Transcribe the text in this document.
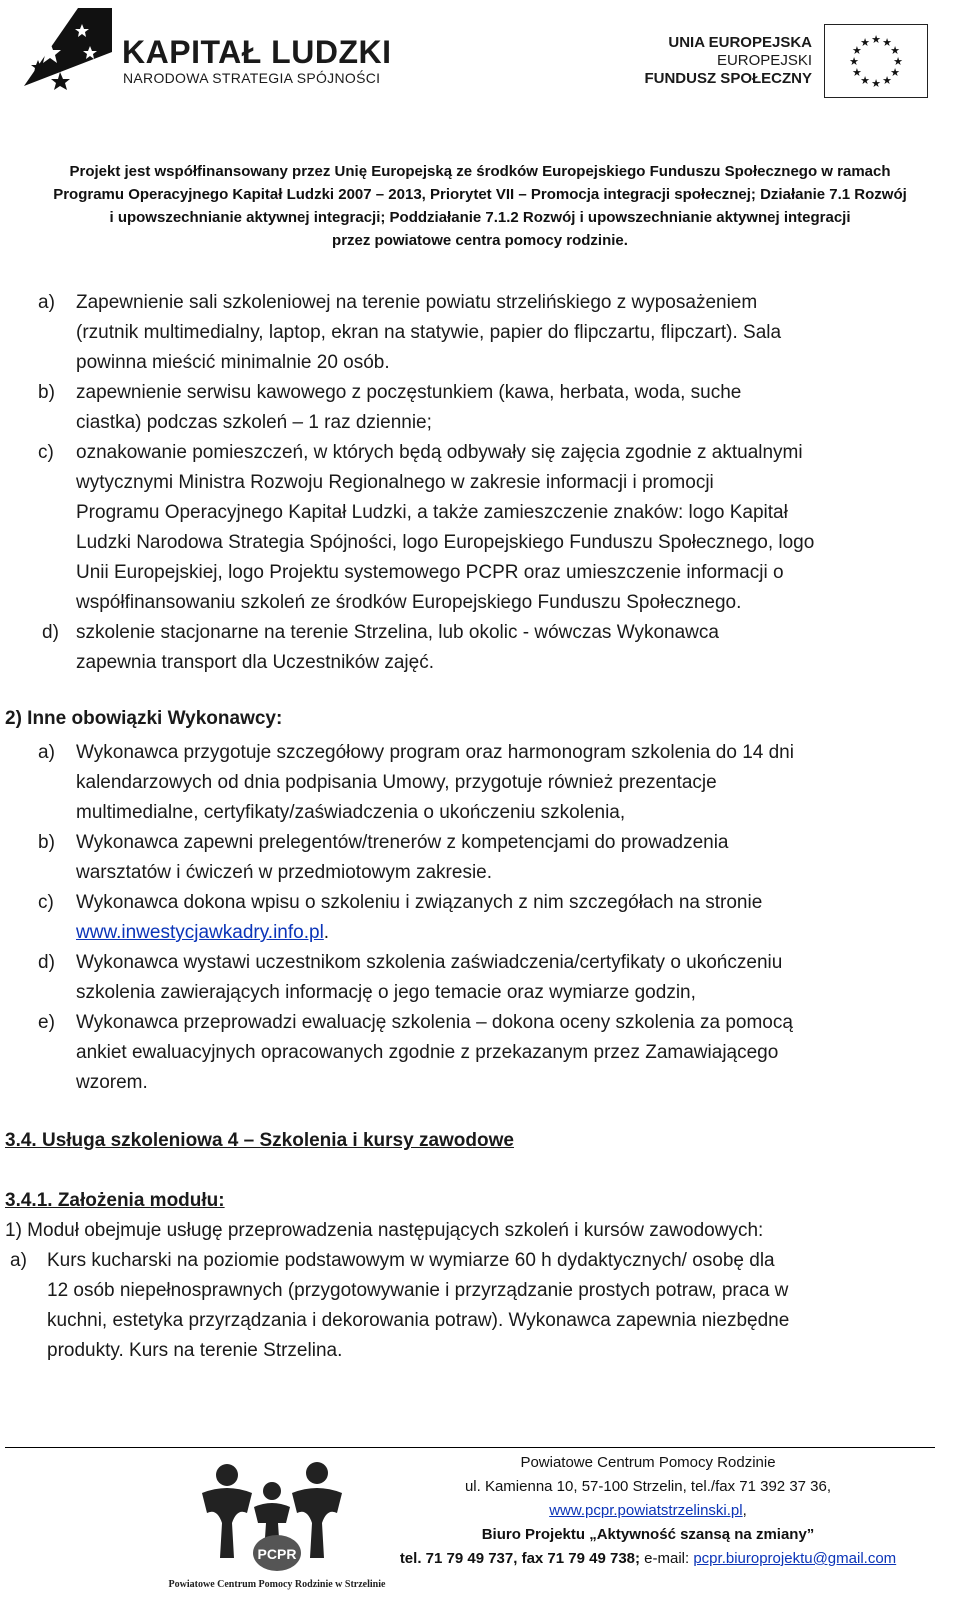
KAPITAŁ LUDZKI
NARODOWA STRATEGIA SPÓJNOŚCI
UNIA EUROPEJSKA
EUROPEJSKI
FUNDUSZ SPOŁECZNY
★ ★
★
★
★
★
★
★
★
★
★
★
Projekt jest współfinansowany przez Unię Europejską ze środków Europejskiego Funduszu Społecznego w ramach
Programu Operacyjnego Kapitał Ludzki 2007 – 2013, Priorytet VII – Promocja integracji społecznej; Działanie 7.1 Rozwój
i upowszechnianie aktywnej integracji; Poddziałanie 7.1.2 Rozwój i upowszechnianie aktywnej integracji
przez powiatowe centra pomocy rodzinie.
a) Zapewnienie sali szkoleniowej na terenie powiatu strzelińskiego z wyposażeniem
(rzutnik multimedialny, laptop, ekran na statywie, papier do flipczartu, flipczart). Sala
powinna mieścić minimalnie 20 osób.
b) zapewnienie serwisu kawowego z poczęstunkiem (kawa, herbata, woda, suche
ciastka) podczas szkoleń – 1 raz dziennie;
c) oznakowanie pomieszczeń, w których będą odbywały się zajęcia zgodnie z aktualnymi
wytycznymi Ministra Rozwoju Regionalnego w zakresie informacji i promocji
Programu Operacyjnego Kapitał Ludzki, a także zamieszczenie znaków: logo Kapitał
Ludzki Narodowa Strategia Spójności, logo Europejskiego Funduszu Społecznego, logo
Unii Europejskiej, logo Projektu systemowego PCPR oraz umieszczenie informacji o
współfinansowaniu szkoleń ze środków Europejskiego Funduszu Społecznego.
d) szkolenie stacjonarne na terenie Strzelina, lub okolic - wówczas Wykonawca
zapewnia transport dla Uczestników zajęć.
2) Inne obowiązki Wykonawcy:
a) Wykonawca przygotuje szczegółowy program oraz harmonogram szkolenia do 14 dni
kalendarzowych od dnia podpisania Umowy, przygotuje również prezentacje
multimedialne, certyfikaty/zaświadczenia o ukończeniu szkolenia,
b) Wykonawca zapewni prelegentów/trenerów z kompetencjami do prowadzenia
warsztatów i ćwiczeń w przedmiotowym zakresie.
c) Wykonawca dokona wpisu o szkoleniu i związanych z nim szczegółach na stronie
www.inwestycjawkadry.info.pl.
d) Wykonawca wystawi uczestnikom szkolenia zaświadczenia/certyfikaty o ukończeniu
szkolenia zawierających informację o jego temacie oraz wymiarze godzin,
e) Wykonawca przeprowadzi ewaluację szkolenia – dokona oceny szkolenia za pomocą
ankiet ewaluacyjnych opracowanych zgodnie z przekazanym przez Zamawiającego
wzorem.
3.4. Usługa szkoleniowa 4 – Szkolenia i kursy zawodowe
3.4.1. Założenia modułu:
1) Moduł obejmuje usługę przeprowadzenia następujących szkoleń i kursów zawodowych:
a) Kurs kucharski na poziomie podstawowym w wymiarze 60 h dydaktycznych/ osobę dla
12 osób niepełnosprawnych (przygotowywanie i przyrządzanie prostych potraw, praca w
kuchni, estetyka przyrządzania i dekorowania potraw). Wykonawca zapewnia niezbędne
produkty. Kurs na terenie Strzelina.
PCPR
Powiatowe Centrum Pomocy Rodzinie w Strzelinie
Powiatowe Centrum Pomocy Rodzinie
ul. Kamienna 10, 57-100 Strzelin, tel./fax 71 392 37 36,
www.pcpr.powiatstrzelinski.pl,
Biuro Projektu „Aktywność szansą na zmiany”
tel. 71 79 49 737, fax 71 79 49 738; e-mail: pcpr.biuroprojektu@gmail.com
